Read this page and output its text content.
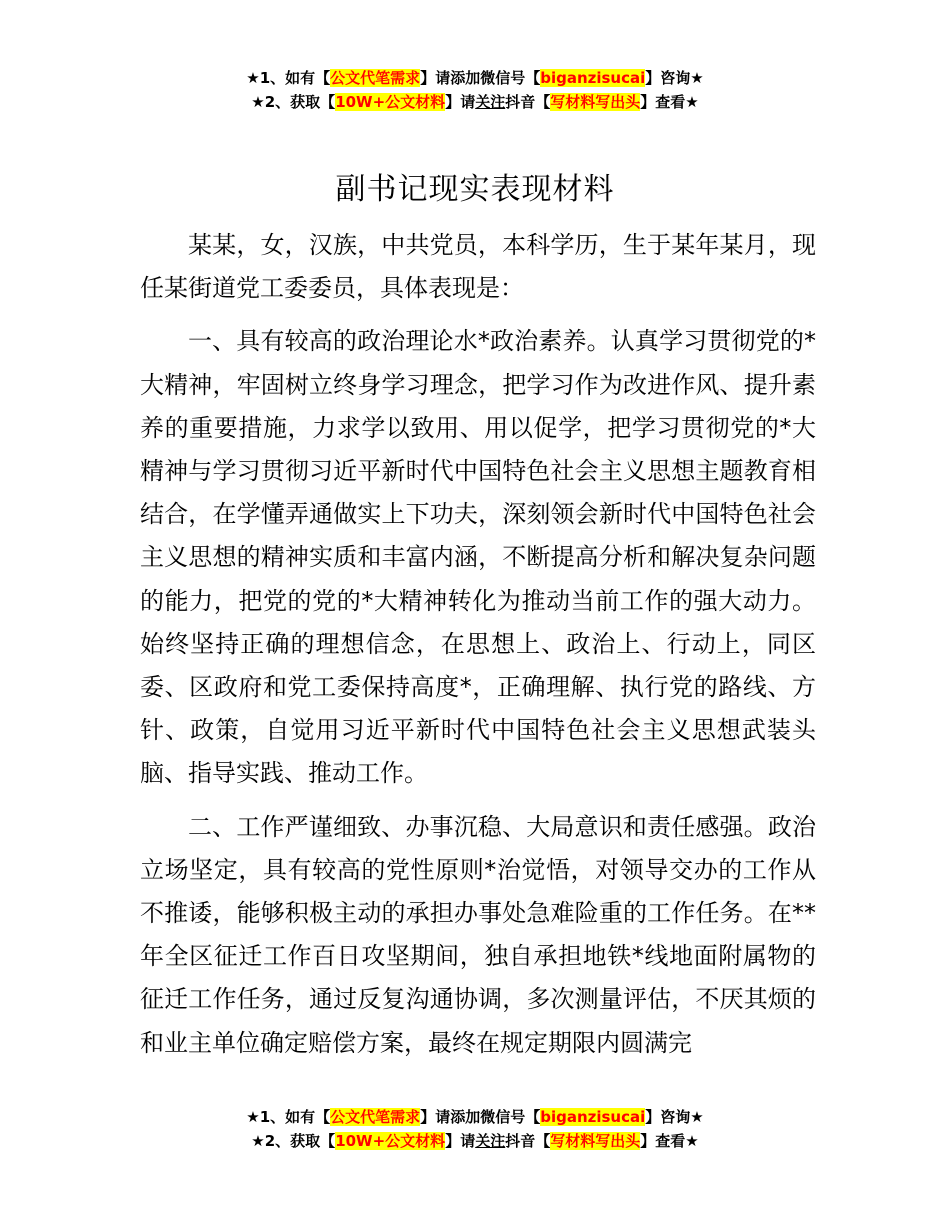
★1、如有【公文代笔需求】请添加微信号【biganzisucai】咨询★
★2、获取【10W+公文材料】请关注抖音【写材料写出头】查看★
副书记现实表现材料

某某，女，汉族，中共党员，本科学历，生于某年某月，现任某街道党工委委员，具体表现是：

一、具有较高的政治理论水*政治素养。认真学习贯彻党的*大精神，牢固树立终身学习理念，把学习作为改进作风、提升素养的重要措施，力求学以致用、用以促学，把学习贯彻党的*大精神与学习贯彻习近平新时代中国特色社会主义思想主题教育相结合，在学懂弄通做实上下功夫，深刻领会新时代中国特色社会主义思想的精神实质和丰富内涵，不断提高分析和解决复杂问题的能力，把党的党的*大精神转化为推动当前工作的强大动力。始终坚持正确的理想信念，在思想上、政治上、行动上，同区委、区政府和党工委保持高度*，正确理解、执行党的路线、方针、政策，自觉用习近平新时代中国特色社会主义思想武装头脑、指导实践、推动工作。

二、工作严谨细致、办事沉稳、大局意识和责任感强。政治立场坚定，具有较高的党性原则*治觉悟，对领导交办的工作从不推诿，能够积极主动的承担办事处急难险重的工作任务。在**年全区征迁工作百日攻坚期间，独自承担地铁*线地面附属物的征迁工作任务，通过反复沟通协调，多次测量评估，不厌其烦的和业主单位确定赔偿方案，最终在规定期限内圆满完

★1、如有【公文代笔需求】请添加微信号【biganzisucai】咨询★
★2、获取【10W+公文材料】请关注抖音【写材料写出头】查看★
